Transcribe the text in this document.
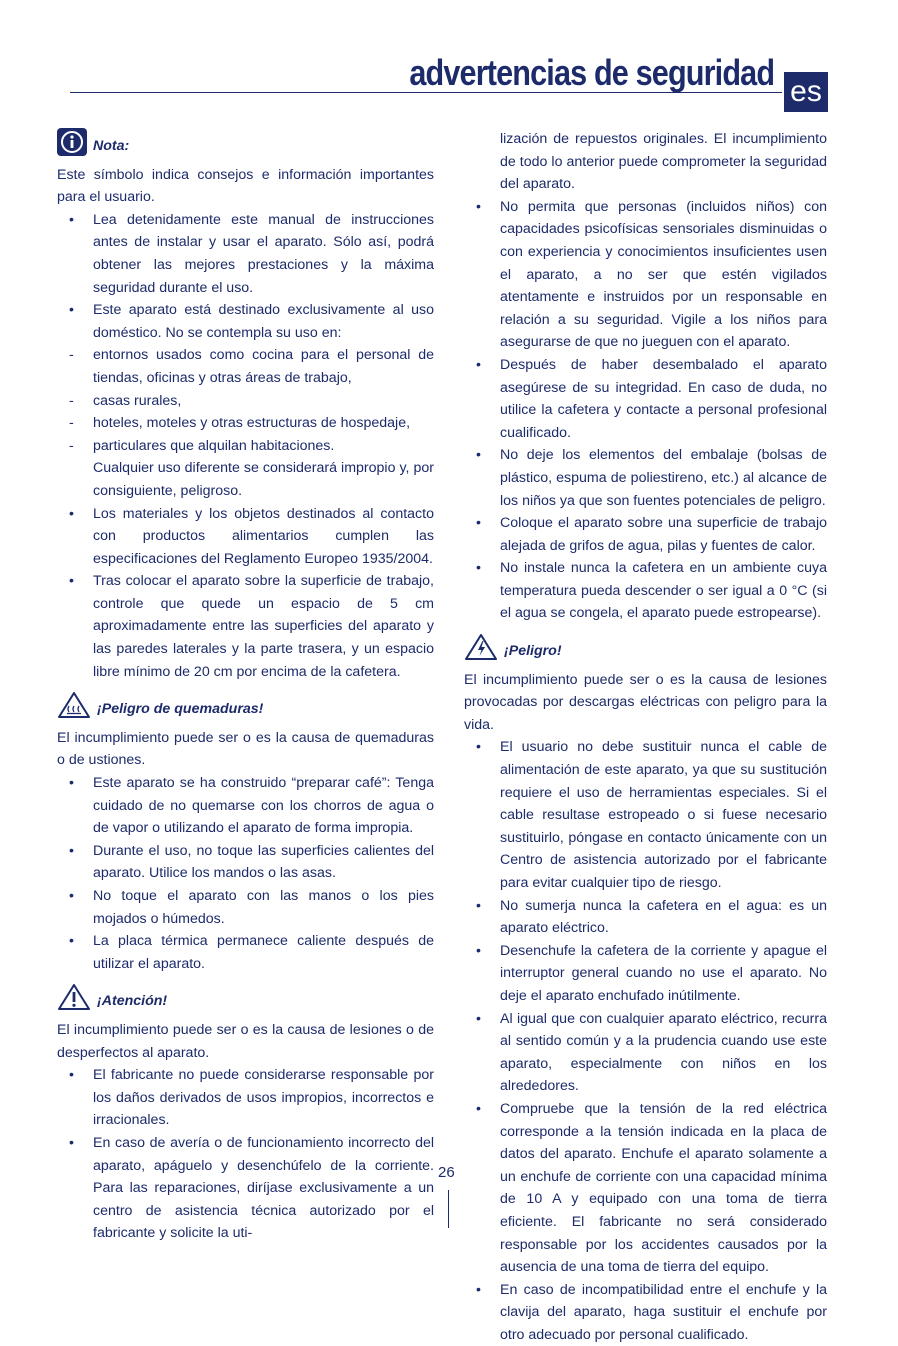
advertencias de seguridad es
Nota:

Este símbolo indica consejos e información importantes para el usuario.

• Lea detenidamente este manual de instrucciones antes de instalar y usar el aparato. Sólo así, podrá obtener las mejores prestaciones y la máxima seguridad durante el uso.
• Este aparato está destinado exclusivamente al uso doméstico. No se contempla su uso en:
- entornos usados como cocina para el personal de tiendas, oficinas y otras áreas de trabajo,
- casas rurales,
- hoteles, moteles y otras estructuras de hospedaje,
- particulares que alquilan habitaciones.
Cualquier uso diferente se considerará impropio y, por consiguiente, peligroso.
• Los materiales y los objetos destinados al contacto con productos alimentarios cumplen las especificaciones del Reglamento Europeo 1935/2004.
• Tras colocar el aparato sobre la superficie de trabajo, controle que quede un espacio de 5 cm aproximadamente entre las superficies del aparato y las paredes laterales y la parte trasera, y un espacio libre mínimo de 20 cm por encima de la cafetera.
¡Peligro de quemaduras!

El incumplimiento puede ser o es la causa de quemaduras o de ustiones.

• Este aparato se ha construido “preparar café”: Tenga cuidado de no quemarse con los chorros de agua o de vapor o utilizando el aparato de forma impropia.
• Durante el uso, no toque las superficies calientes del aparato. Utilice los mandos o las asas.
• No toque el aparato con las manos o los pies mojados o húmedos.
• La placa térmica permanece caliente después de utilizar el aparato.
¡Atención!

El incumplimiento puede ser o es la causa de lesiones o de desperfectos al aparato.

• El fabricante no puede considerarse responsable por los daños derivados de usos impropios, incorrectos e irracionales.
• En caso de avería o de funcionamiento incorrecto del aparato, apáguelo y desenchúfelo de la corriente. Para las reparaciones, diríjase exclusivamente a un centro de asistencia técnica autorizado por el fabricante y solicite la uti-
lización de repuestos originales. El incumplimiento de todo lo anterior puede comprometer la seguridad del aparato.
• No permita que personas (incluidos niños) con capacidades psicofísicas sensoriales disminuidas o con experiencia y conocimientos insuficientes usen el aparato, a no ser que estén vigilados atentamente e instruidos por un responsable en relación a su seguridad. Vigile a los niños para asegurarse de que no jueguen con el aparato.
• Después de haber desembalado el aparato asegúrese de su integridad. En caso de duda, no utilice la cafetera y contacte a personal profesional cualificado.
• No deje los elementos del embalaje (bolsas de plástico, espuma de poliestireno, etc.) al alcance de los niños ya que son fuentes potenciales de peligro.
• Coloque el aparato sobre una superficie de trabajo alejada de grifos de agua, pilas y fuentes de calor.
• No instale nunca la cafetera en un ambiente cuya temperatura pueda descender o ser igual a 0 °C (si el agua se congela, el aparato puede estropearse).
¡Peligro!

El incumplimiento puede ser o es la causa de lesiones provocadas por descargas eléctricas con peligro para la vida.

• El usuario no debe sustituir nunca el cable de alimentación de este aparato, ya que su sustitución requiere el uso de herramientas especiales. Si el cable resultase estropeado o si fuese necesario sustituirlo, póngase en contacto únicamente con un Centro de asistencia autorizado por el fabricante para evitar cualquier tipo de riesgo.
• No sumerja nunca la cafetera en el agua: es un aparato eléctrico.
• Desenchufe la cafetera de la corriente y apague el interruptor general cuando no use el aparato. No deje el aparato enchufado inútilmente.
• Al igual que con cualquier aparato eléctrico, recurra al sentido común y a la prudencia cuando use este aparato, especialmente con niños en los alrededores.
• Compruebe que la tensión de la red eléctrica corresponde a la tensión indicada en la placa de datos del aparato. Enchufe el aparato solamente a un enchufe de corriente con una capacidad mínima de 10 A y equipado con una toma de tierra eficiente. El fabricante no será considerado responsable por los accidentes causados por la ausencia de una toma de tierra del equipo.
• En caso de incompatibilidad entre el enchufe y la clavija del aparato, haga sustituir el enchufe por otro adecuado por personal cualificado.
26
